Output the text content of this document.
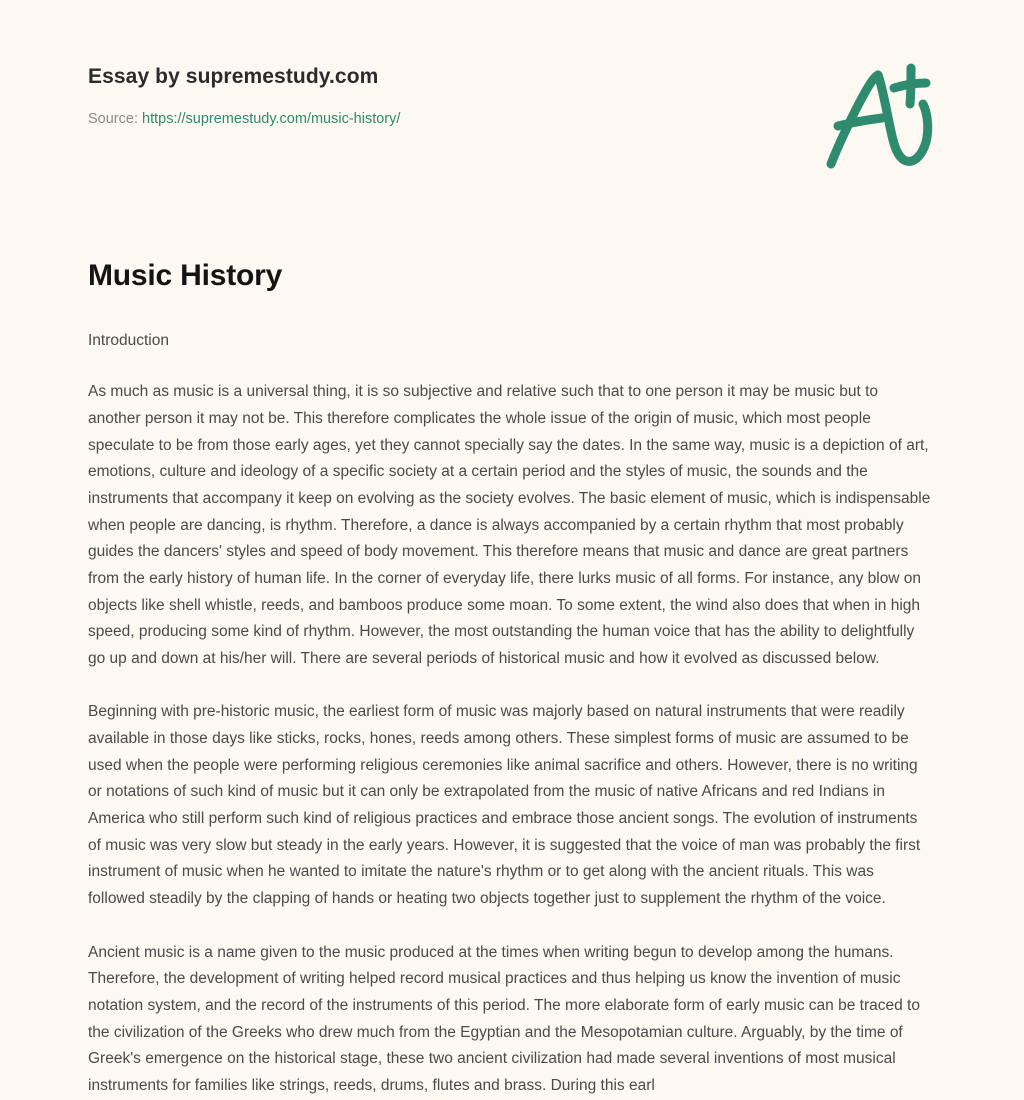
Essay by supremestudy.com
Source: https://supremestudy.com/music-history/
Music History

Introduction

As much as music is a universal thing, it is so subjective and relative such that to one person it may be music but to another person it may not be. This therefore complicates the whole issue of the origin of music, which most people speculate to be from those early ages, yet they cannot specially say the dates. In the same way, music is a depiction of art, emotions, culture and ideology of a specific society at a certain period and the styles of music, the sounds and the instruments that accompany it keep on evolving as the society evolves. The basic element of music, which is indispensable when people are dancing, is rhythm. Therefore, a dance is always accompanied by a certain rhythm that most probably guides the dancers' styles and speed of body movement. This therefore means that music and dance are great partners from the early history of human life. In the corner of everyday life, there lurks music of all forms. For instance, any blow on objects like shell whistle, reeds, and bamboos produce some moan. To some extent, the wind also does that when in high speed, producing some kind of rhythm. However, the most outstanding the human voice that has the ability to delightfully go up and down at his/her will. There are several periods of historical music and how it evolved as discussed below.

Beginning with pre-historic music, the earliest form of music was majorly based on natural instruments that were readily available in those days like sticks, rocks, hones, reeds among others. These simplest forms of music are assumed to be used when the people were performing religious ceremonies like animal sacrifice and others. However, there is no writing or notations of such kind of music but it can only be extrapolated from the music of native Africans and red Indians in America who still perform such kind of religious practices and embrace those ancient songs. The evolution of instruments of music was very slow but steady in the early years. However, it is suggested that the voice of man was probably the first instrument of music when he wanted to imitate the nature's rhythm or to get along with the ancient rituals. This was followed steadily by the clapping of hands or heating two objects together just to supplement the rhythm of the voice.

Ancient music is a name given to the music produced at the times when writing begun to develop among the humans. Therefore, the development of writing helped record musical practices and thus helping us know the invention of music notation system, and the record of the instruments of this period. The more elaborate form of early music can be traced to the civilization of the Greeks who drew much from the Egyptian and the Mesopotamian culture. Arguably, by the time of Greek's emergence on the historical stage, these two ancient civilization had made several inventions of most musical instruments for families like strings, reeds, drums, flutes and brass. During this earl
